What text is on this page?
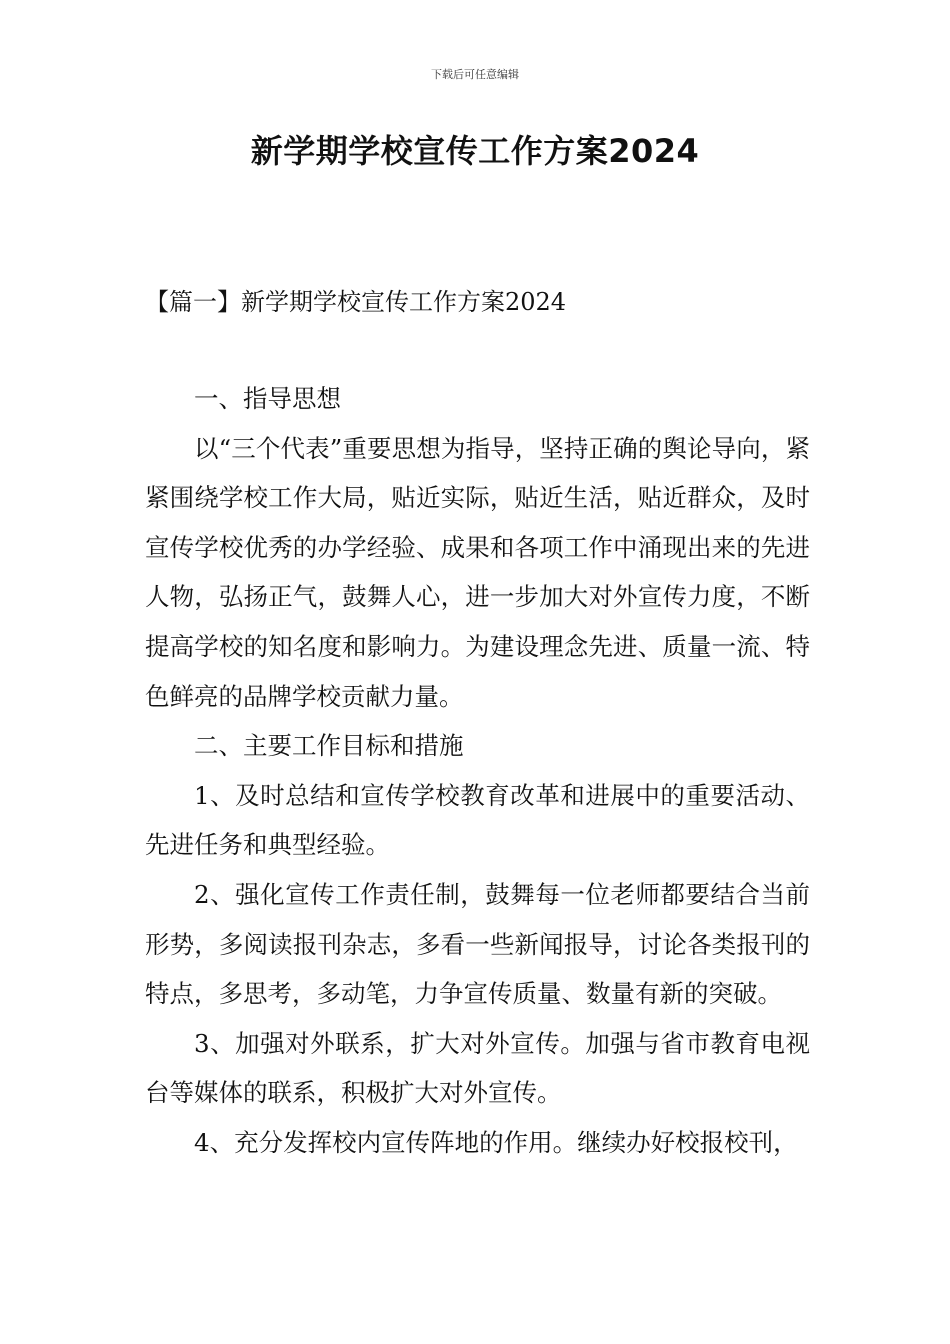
下载后可任意编辑
新学期学校宣传工作方案2024
【篇一】新学期学校宣传工作方案2024

一、指导思想

以“三个代表”重要思想为指导，坚持正确的舆论导向，紧紧围绕学校工作大局，贴近实际，贴近生活，贴近群众，及时宣传学校优秀的办学经验、成果和各项工作中涌现出来的先进人物，弘扬正气，鼓舞人心，进一步加大对外宣传力度，不断提高学校的知名度和影响力。为建设理念先进、质量一流、特色鲜亮的品牌学校贡献力量。

二、主要工作目标和措施

1、及时总结和宣传学校教育改革和进展中的重要活动、先进任务和典型经验。

2、强化宣传工作责任制，鼓舞每一位老师都要结合当前形势，多阅读报刊杂志，多看一些新闻报导，讨论各类报刊的特点，多思考，多动笔，力争宣传质量、数量有新的突破。

3、加强对外联系，扩大对外宣传。加强与省市教育电视台等媒体的联系，积极扩大对外宣传。

4、充分发挥校内宣传阵地的作用。继续办好校报校刊，
